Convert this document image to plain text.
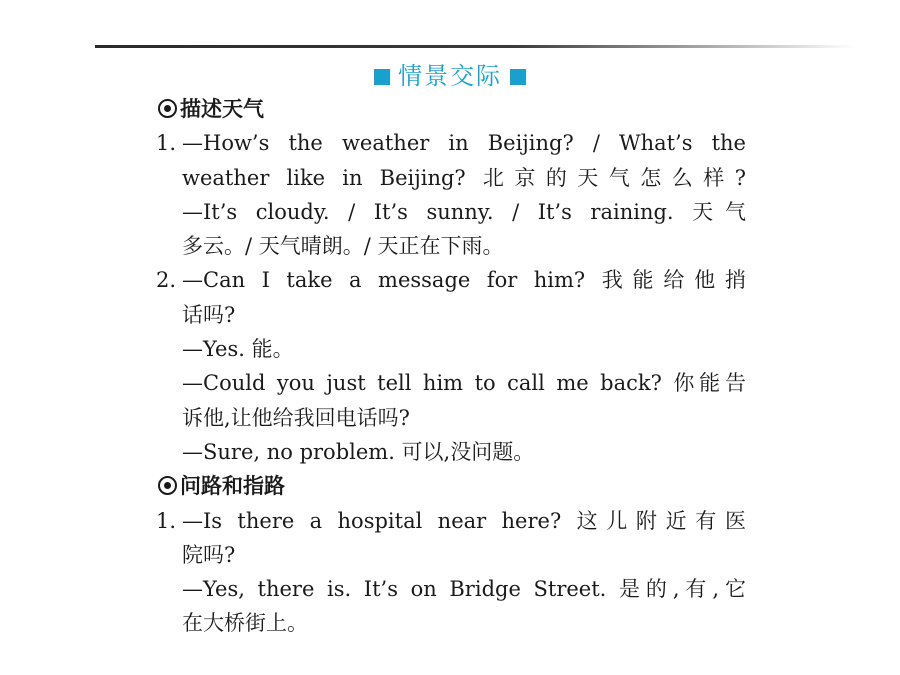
情景交际
描述天气
1. —How’s the weather in Beijing? / What’s the
weather like in Beijing? 北京的天气怎么样?
—It’s cloudy. / It’s sunny. / It’s raining. 天气
多云。/ 天气晴朗。/ 天正在下雨。
2. —Can I take a message for him? 我能给他捎
话吗?
—Yes. 能。
—Could you just tell him to call me back? 你能告
诉他,让他给我回电话吗?
—Sure, no problem. 可以,没问题。
问路和指路
1. —Is there a hospital near here? 这儿附近有医
院吗?
—Yes, there is. It’s on Bridge Street. 是的,有,它
在大桥街上。
